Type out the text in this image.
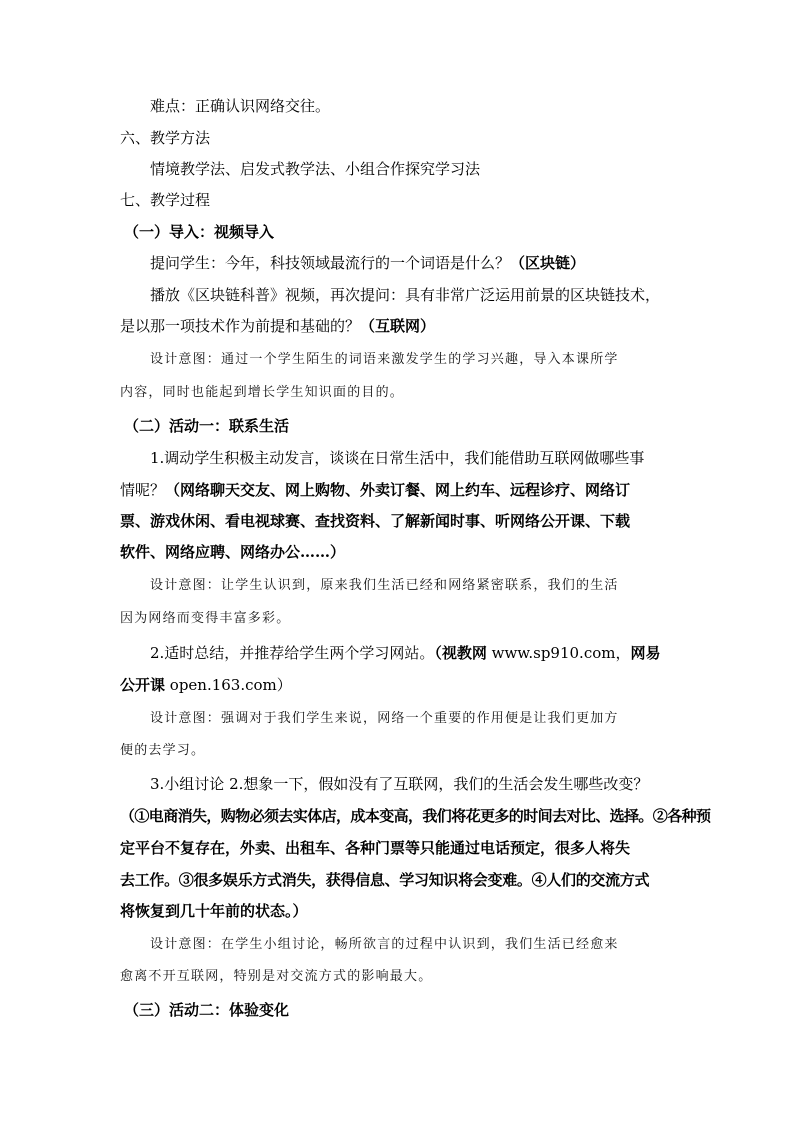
难点：正确认识网络交往。
六、教学方法
情境教学法、启发式教学法、小组合作探究学习法
七、教学过程
（一）导入：视频导入
提问学生：今年，科技领域最流行的一个词语是什么？（区块链）
播放《区块链科普》视频，再次提问：具有非常广泛运用前景的区块链技术，
是以那一项技术作为前提和基础的？（互联网）
设计意图：通过一个学生陌生的词语来激发学生的学习兴趣，导入本课所学
内容，同时也能起到增长学生知识面的目的。
（二）活动一：联系生活
1.调动学生积极主动发言，谈谈在日常生活中，我们能借助互联网做哪些事
情呢？（网络聊天交友、网上购物、外卖订餐、网上约车、远程诊疗、网络订
票、游戏休闲、看电视球赛、查找资料、了解新闻时事、听网络公开课、下载
软件、网络应聘、网络办公……）
设计意图：让学生认识到，原来我们生活已经和网络紧密联系，我们的生活
因为网络而变得丰富多彩。
2.适时总结，并推荐给学生两个学习网站。（视教网 www.sp910.com，网易
公开课 open.163.com）
设计意图：强调对于我们学生来说，网络一个重要的作用便是让我们更加方
便的去学习。
3.小组讨论 2.想象一下，假如没有了互联网，我们的生活会发生哪些改变？
（①电商消失，购物必须去实体店，成本变高，我们将花更多的时间去对比、选择。②各种预
定平台不复存在，外卖、出租车、各种门票等只能通过电话预定，很多人将失
去工作。③很多娱乐方式消失，获得信息、学习知识将会变难。④人们的交流方式
将恢复到几十年前的状态。）
设计意图：在学生小组讨论，畅所欲言的过程中认识到，我们生活已经愈来
愈离不开互联网，特别是对交流方式的影响最大。
（三）活动二：体验变化
